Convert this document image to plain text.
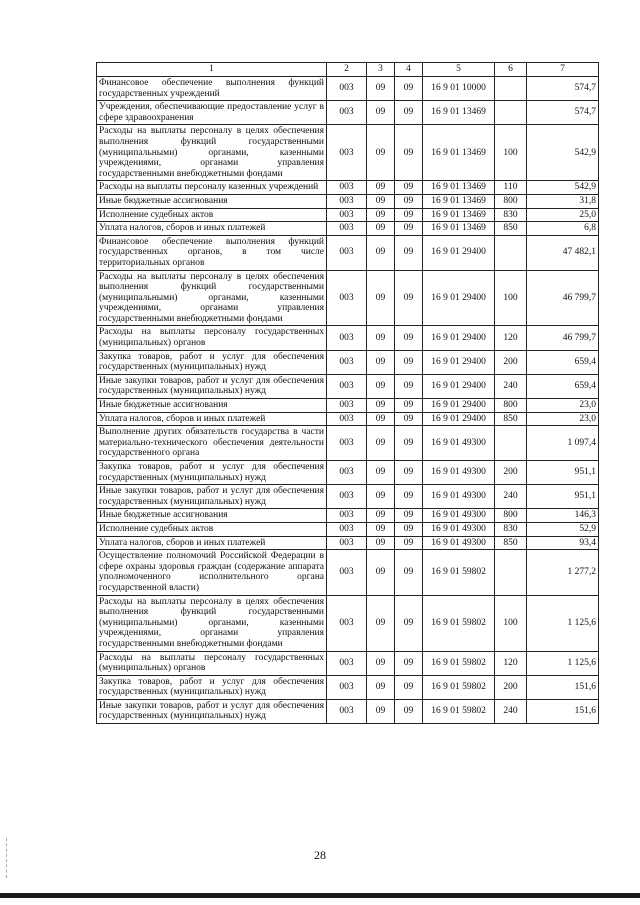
1	2	3	4	5	6	7
Финансовое обеспечение выполнения функций государственных учреждений	003	09	09	16 9 01 10000		574,7
Учреждения, обеспечивающие предоставление услуг в сфере здравоохранения	003	09	09	16 9 01 13469		574,7
Расходы на выплаты персоналу в целях обеспечения выполнения функций государственными (муниципальными) органами, казенными учреждениями, органами управления государственными внебюджетными фондами	003	09	09	16 9 01 13469	100	542,9
Расходы на выплаты персоналу казенных учреждений	003	09	09	16 9 01 13469	110	542,9
Иные бюджетные ассигнования	003	09	09	16 9 01 13469	800	31,8
Исполнение судебных актов	003	09	09	16 9 01 13469	830	25,0
Уплата налогов, сборов и иных платежей	003	09	09	16 9 01 13469	850	6,8
Финансовое обеспечение выполнения функций государственных органов, в том числе территориальных органов	003	09	09	16 9 01 29400		47 482,1
Расходы на выплаты персоналу в целях обеспечения выполнения функций государственными (муниципальными) органами, казенными учреждениями, органами управления государственными внебюджетными фондами	003	09	09	16 9 01 29400	100	46 799,7
Расходы на выплаты персоналу государственных (муниципальных) органов	003	09	09	16 9 01 29400	120	46 799,7
Закупка товаров, работ и услуг для обеспечения государственных (муниципальных) нужд	003	09	09	16 9 01 29400	200	659,4
Иные закупки товаров, работ и услуг для обеспечения государственных (муниципальных) нужд	003	09	09	16 9 01 29400	240	659,4
Иные бюджетные ассигнования	003	09	09	16 9 01 29400	800	23,0
Уплата налогов, сборов и иных платежей	003	09	09	16 9 01 29400	850	23,0
Выполнение других обязательств государства в части материально-технического обеспечения деятельности государственного органа	003	09	09	16 9 01 49300		1 097,4
Закупка товаров, работ и услуг для обеспечения государственных (муниципальных) нужд	003	09	09	16 9 01 49300	200	951,1
Иные закупки товаров, работ и услуг для обеспечения государственных (муниципальных) нужд	003	09	09	16 9 01 49300	240	951,1
Иные бюджетные ассигнования	003	09	09	16 9 01 49300	800	146,3
Исполнение судебных актов	003	09	09	16 9 01 49300	830	52,9
Уплата налогов, сборов и иных платежей	003	09	09	16 9 01 49300	850	93,4
Осуществление полномочий Российской Федерации в сфере охраны здоровья граждан (содержание аппарата уполномоченного исполнительного органа государственной власти)	003	09	09	16 9 01 59802		1 277,2
Расходы на выплаты персоналу в целях обеспечения выполнения функций государственными (муниципальными) органами, казенными учреждениями, органами управления государственными внебюджетными фондами	003	09	09	16 9 01 59802	100	1 125,6
Расходы на выплаты персоналу государственных (муниципальных) органов	003	09	09	16 9 01 59802	120	1 125,6
Закупка товаров, работ и услуг для обеспечения государственных (муниципальных) нужд	003	09	09	16 9 01 59802	200	151,6
Иные закупки товаров, работ и услуг для обеспечения государственных (муниципальных) нужд	003	09	09	16 9 01 59802	240	151,6
28
